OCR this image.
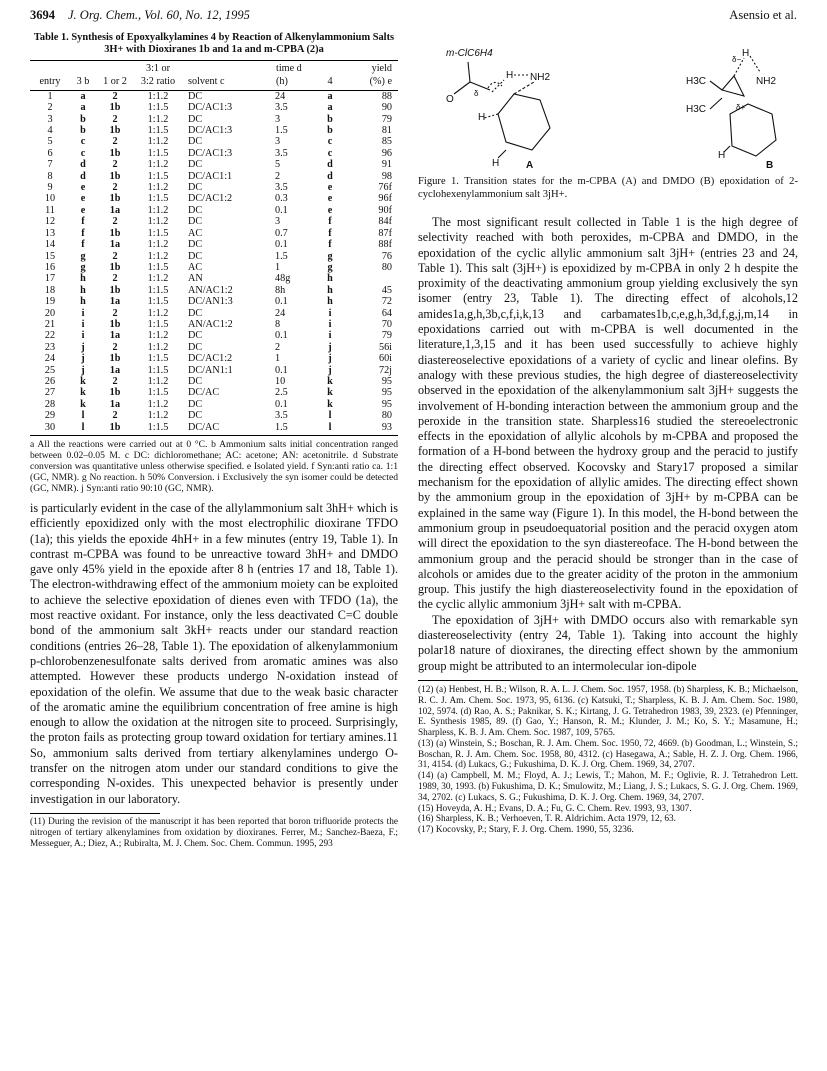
3694 J. Org. Chem., Vol. 60, No. 12, 1995	Asensio et al.
Table 1. Synthesis of Epoxyalkylamines 4 by Reaction of Alkenylammonium Salts 3H+ with Dioxiranes 1b and 1a and m-CPBA (2)a
			3:1 or		time d		yield
entry	3 b	1 or 2	3:2 ratio	solvent c	(h)	4	(%) e
1	a	2	1:1.2	DC	24	a	88
2	a	1b	1:1.5	DC/AC1:3	3.5	a	90
3	b	2	1:1.2	DC	3	b	79
4	b	1b	1:1.5	DC/AC1:3	1.5	b	81
5	c	2	1:1.2	DC	3	c	85
6	c	1b	1:1.5	DC/AC1:3	3.5	c	96
7	d	2	1:1.2	DC	5	d	91
8	d	1b	1:1.5	DC/AC1:1	2	d	98
9	e	2	1:1.2	DC	3.5	e	76f
10	e	1b	1:1.5	DC/AC1:2	0.3	e	96f
11	e	1a	1:1.2	DC	0.1	e	90f
12	f	2	1:1.2	DC	3	f	84f
13	f	1b	1:1.5	AC	0.7	f	87f
14	f	1a	1:1.2	DC	0.1	f	88f
15	g	2	1:1.2	DC	1.5	g	76
16	g	1b	1:1.5	AC	1	g	80
17	h	2	1:1.2	AN	48g	h	
18	h	1b	1:1.5	AN/AC1:2	8h	h	45
19	h	1a	1:1.5	DC/AN1:3	0.1	h	72
20	i	2	1:1.2	DC	24	i	64
21	i	1b	1:1.5	AN/AC1:2	8	i	70
22	i	1a	1:1.2	DC	0.1	i	79
23	j	2	1:1.2	DC	2	j	56i
24	j	1b	1:1.5	DC/AC1:2	1	j	60i
25	j	1a	1:1.5	DC/AN1:1	0.1	j	72j
26	k	2	1:1.2	DC	10	k	95
27	k	1b	1:1.5	DC/AC	2.5	k	95
28	k	1a	1:1.2	DC	0.1	k	95
29	l	2	1:1.2	DC	3.5	l	80
30	l	1b	1:1.5	DC/AC	1.5	l	93
a All the reactions were carried out at 0 °C. b Ammonium salts initial concentration ranged between 0.02–0.05 M. c DC: dichloromethane; AC: acetone; AN: acetonitrile. d Substrate conversion was quantitative unless otherwise specified. e Isolated yield. f Syn:anti ratio ca. 1:1 (GC, NMR). g No reaction. h 50% Conversion. i Exclusively the syn isomer could be detected (GC, NMR). j Syn:anti ratio 90:10 (GC, NMR).

is particularly evident in the case of the allylammonium salt 3hH+ which is efficiently epoxidized only with the most electrophilic dioxirane TFDO (1a); this yields the epoxide 4hH+ in a few minutes (entry 19, Table 1). In contrast m-CPBA was found to be unreactive toward 3hH+ and DMDO gave only 45% yield in the epoxide after 8 h (entries 17 and 18, Table 1). The electron-withdrawing effect of the ammonium moiety can be exploited to achieve the selective epoxidation of dienes even with TFDO (1a), the most reactive oxidant. For instance, only the less deactivated C=C double bond of the ammonium salt 3kH+ reacts under our standard reaction conditions (entries 26–28, Table 1). The epoxidation of alkenylammonium p-chlorobenzenesulfonate salts derived from aromatic amines was also attempted. However these products undergo N-oxidation instead of epoxidation of the olefin. We assume that due to the weak basic character of the aromatic amine the equilibrium concentration of free amine is high enough to allow the oxidation at the nitrogen site to proceed. Surprisingly, the proton fails as protecting group toward oxidation for tertiary amines.11 So, ammonium salts derived from tertiary alkenylamines undergo O-transfer on the nitrogen atom under our standard conditions to give the corresponding N-oxides. This unexpected behavior is presently under investigation in our laboratory.

(11) During the revision of the manuscript it has been reported that boron trifluoride protects the nitrogen of tertiary alkenylamines from oxidation by dioxiranes. Ferrer, M.; Sanchez-Baeza, F.; Messeguer, A.; Diez, A.; Rubiralta, M. J. Chem. Soc. Chem. Commun. 1995, 293

m-ClC6H4
O
δ
H NH2
H
H	A
H3C
H3C
δ−
H
NH2
δ+
H
B

Figure 1. Transition states for the m-CPBA (A) and DMDO (B) epoxidation of 2-cyclohexenylammonium salt 3jH+.

The most significant result collected in Table 1 is the high degree of selectivity reached with both peroxides, m-CPBA and DMDO, in the epoxidation of the cyclic allylic ammonium salt 3jH+ (entries 23 and 24, Table 1). This salt (3jH+) is epoxidized by m-CPBA in only 2 h despite the proximity of the deactivating ammonium group yielding exclusively the syn isomer (entry 23, Table 1). The directing effect of alcohols,12 amides1a,g,h,3b,c,f,i,k,13 and carbamates1b,c,e,g,h,3d,f,g,j,m,14 in epoxidations carried out with m-CPBA is well documented in the literature,1,3,15 and it has been used successfully to achieve highly diastereoselective epoxidations of a variety of cyclic and linear olefins. By analogy with these previous studies, the high degree of diastereoselectivity observed in the epoxidation of the alkenylammonium salt 3jH+ suggests the involvement of H-bonding interaction between the ammonium group and the peroxide in the transition state. Sharpless16 studied the stereoelectronic effects in the epoxidation of allylic alcohols by m-CPBA and proposed the formation of a H-bond between the hydroxy group and the peracid to justify the directing effect observed. Kocovsky and Stary17 proposed a similar mechanism for the epoxidation of allylic amides. The directing effect shown by the ammonium group in the epoxidation of 3jH+ by m-CPBA can be explained in the same way (Figure 1). In this model, the H-bond between the ammonium group in pseudoequatorial position and the peracid oxygen atom will direct the epoxidation to the syn diastereoface. The H-bond between the ammonium group and the peracid should be stronger than in the case of alcohols or amides due to the greater acidity of the proton in the ammonium group. This justify the high diastereoselectivity found in the epoxidation of the cyclic allylic ammonium 3jH+ salt with m-CPBA.

The epoxidation of 3jH+ with DMDO occurs also with remarkable syn diastereoselectivity (entry 24, Table 1). Taking into account the highly polar18 nature of dioxiranes, the directing effect shown by the ammonium group might be attributed to an intermolecular ion-dipole

(12) (a) Henbest, H. B.; Wilson, R. A. L. J. Chem. Soc. 1957, 1958. (b) Sharpless, K. B.; Michaelson, R. C. J. Am. Chem. Soc. 1973, 95, 6136. (c) Katsuki, T.; Sharpless, K. B. J. Am. Chem. Soc. 1980, 102, 5974. (d) Rao, A. S.; Paknikar, S. K.; Kirtang, J. G. Tetrahedron 1983, 39, 2323. (e) Pfenninger, E. Synthesis 1985, 89. (f) Gao, Y.; Hanson, R. M.; Klunder, J. M.; Ko, S. Y.; Masamune, H.; Sharpless, K. B. J. Am. Chem. Soc. 1987, 109, 5765.

(13) (a) Winstein, S.; Boschan, R. J. Am. Chem. Soc. 1950, 72, 4669. (b) Goodman, L.; Winstein, S.; Boschan, R. J. Am. Chem. Soc. 1958, 80, 4312. (c) Hasegawa, A.; Sable, H. Z. J. Org. Chem. 1966, 31, 4154. (d) Lukacs, G.; Fukushima, D. K. J. Org. Chem. 1969, 34, 2707.

(14) (a) Campbell, M. M.; Floyd, A. J.; Lewis, T.; Mahon, M. F.; Oglivie, R. J. Tetrahedron Lett. 1989, 30, 1993. (b) Fukushima, D. K.; Smulowitz, M.; Liang, J. S.; Lukacs, S. G. J. Org. Chem. 1969, 34, 2702. (c) Lukacs, S. G.; Fukushima, D. K. J. Org. Chem. 1969, 34, 2707.

(15) Hoveyda, A. H.; Evans, D. A.; Fu, G. C. Chem. Rev. 1993, 93, 1307.

(16) Sharpless, K. B.; Verhoeven, T. R. Aldrichim. Acta 1979, 12, 63.

(17) Kocovsky, P.; Stary, F. J. Org. Chem. 1990, 55, 3236.
